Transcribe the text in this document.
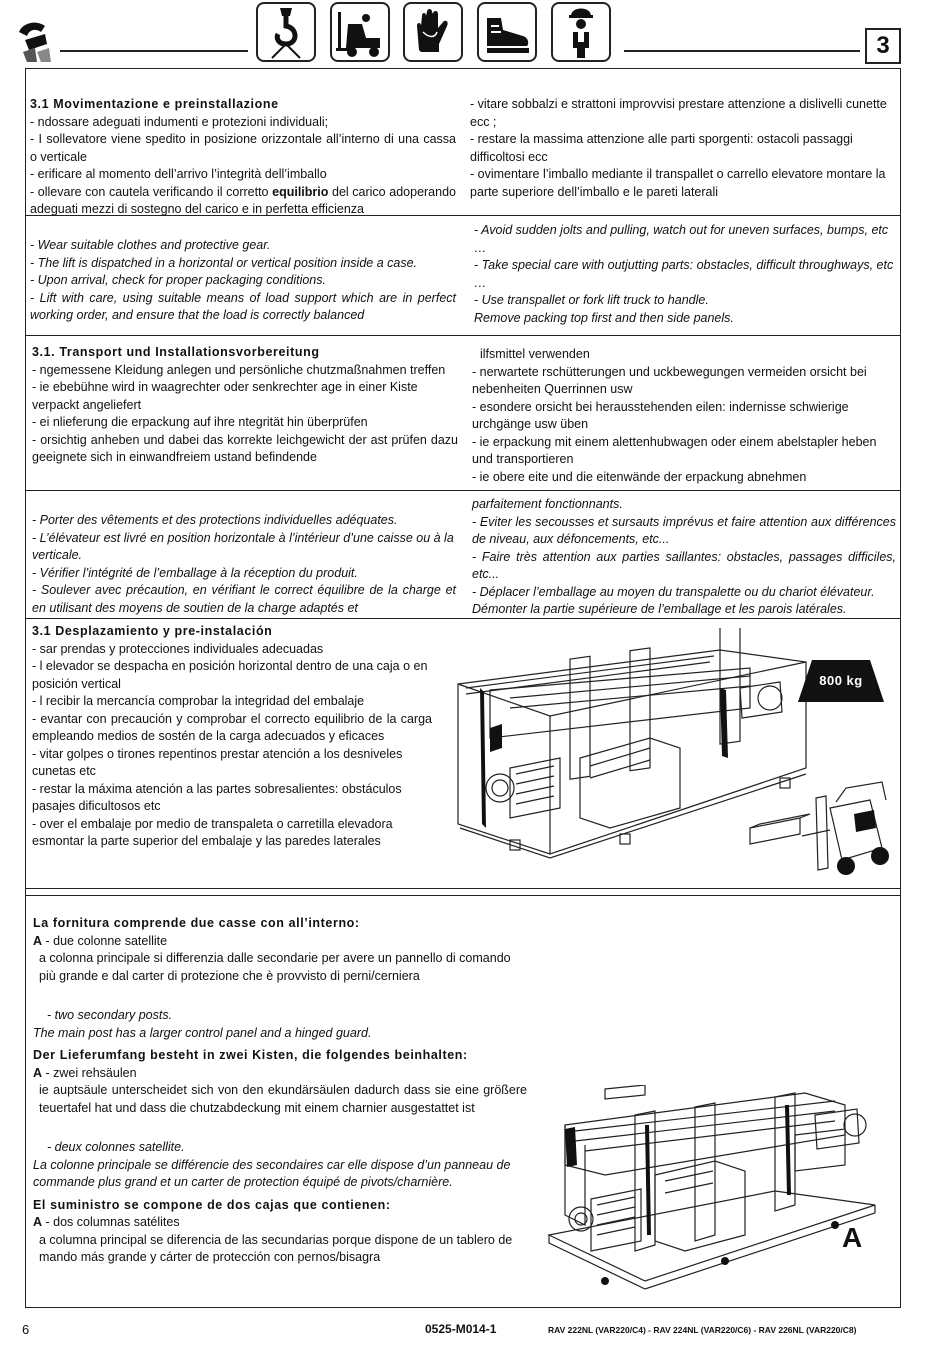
3

3.1 Movimentazione e preinstallazione

- ndossare adeguati indumenti e protezioni individuali;

- I sollevatore viene spedito in posizione orizzontale all’interno di una cassa o verticale

- erificare al momento dell’arrivo l’integrità dell’imballo

- ollevare con cautela verificando il corretto equilibrio del carico adoperando adeguati mezzi di sostegno del carico e in perfetta efficienza

- vitare sobbalzi e strattoni improvvisi prestare attenzione a dislivelli cunette ecc ;

- restare la massima attenzione alle parti sporgenti: ostacoli passaggi difficoltosi ecc

- ovimentare l’imballo mediante il transpallet o carrello elevatore montare la parte superiore dell’imballo e le pareti laterali

- Wear suitable clothes and protective gear.

- The lift is dispatched in a horizontal or vertical position inside a case.

- Upon arrival, check for proper packaging conditions.

- Lift with care, using suitable means of load support which are in perfect working order, and ensure that the load is correctly balanced

- Avoid sudden jolts and pulling, watch out for uneven surfaces, bumps, etc …

- Take special care with outjutting parts: obstacles, difficult throughways, etc …

- Use transpallet or fork lift truck to handle.

Remove packing top first and then side panels.

3.1. Transport und Installationsvorbereitung

- ngemessene Kleidung anlegen und persönliche chutzmaßnahmen treffen

- ie ebebühne wird in waagrechter oder senkrechter age in einer Kiste verpackt angeliefert

- ei nlieferung die erpackung auf ihre ntegrität hin überprüfen

- orsichtig anheben und dabei das korrekte leichgewicht der ast prüfen dazu geeignete sich in einwandfreiem ustand befindende

ilfsmittel verwenden

- nerwartete rschütterungen und uckbewegungen vermeiden orsicht bei nebenheiten Querrinnen usw

- esondere orsicht bei herausstehenden eilen: indernisse schwierige urchgänge usw üben

- ie erpackung mit einem alettenhubwagen oder einem abelstapler heben und transportieren

- ie obere eite und die eitenwände der erpackung abnehmen

- Porter des vêtements et des protections individuelles adéquates.

- L’élévateur est livré en position horizontale à l’intérieur d’une caisse ou à la verticale.

- Vérifier l’intégrité de l’emballage à la réception du produit.

- Soulever avec précaution, en vérifiant le correct équilibre de la charge et en utilisant des moyens de soutien de la charge adaptés et

parfaitement fonctionnants.

- Eviter les secousses et sursauts imprévus et faire attention aux différences de niveau, aux défoncements, etc...

- Faire très attention aux parties saillantes: obstacles, passages difficiles, etc...

- Déplacer l’emballage au moyen du transpalette ou du chariot élévateur.

Démonter la partie supérieure de l’emballage et les parois latérales.

3.1 Desplazamiento y pre-instalación

- sar prendas y protecciones individuales adecuadas

- l elevador se despacha en posición horizontal dentro de una caja o en posición vertical

- l recibir la mercancía comprobar la integridad del embalaje

- evantar con precaución y comprobar el correcto equilibrio de la carga empleando medios de sostén de la carga adecuados y eficaces

- vitar golpes o tirones repentinos prestar atención a los desniveles cunetas etc

- restar la máxima atención a las partes sobresalientes: obstáculos pasajes dificultosos etc

- over el embalaje por medio de transpaleta o carretilla elevadora esmontar la parte superior del embalaje y las paredes laterales

800 kg

La fornitura comprende due casse con all’interno:

A - due colonne satellite

a colonna principale si differenzia dalle secondarie per avere un pannello di comando più grande e dal carter di protezione che è provvisto di perni/cerniera

- two secondary posts.

The main post has a larger control panel and a hinged guard.

Der Lieferumfang besteht in zwei Kisten, die folgendes beinhalten:

A - zwei rehsäulen

ie auptsäule unterscheidet sich von den ekundärsäulen dadurch dass sie eine größere teuertafel hat und dass die chutzabdeckung mit einem charnier ausgestattet ist

- deux colonnes satellite.

La colonne principale se différencie des secondaires car elle dispose d’un panneau de commande plus grand et un carter de protection équipé de pivots/charnière.

El suministro se compone de dos cajas que contienen:

A - dos columnas satélites

a columna principal se diferencia de las secundarias porque dispone de un tablero de mando más grande y cárter de protección con pernos/bisagra

A
6	0525-M014-1	RAV 222NL (VAR220/C4) - RAV 224NL (VAR220/C6) - RAV 226NL (VAR220/C8)
